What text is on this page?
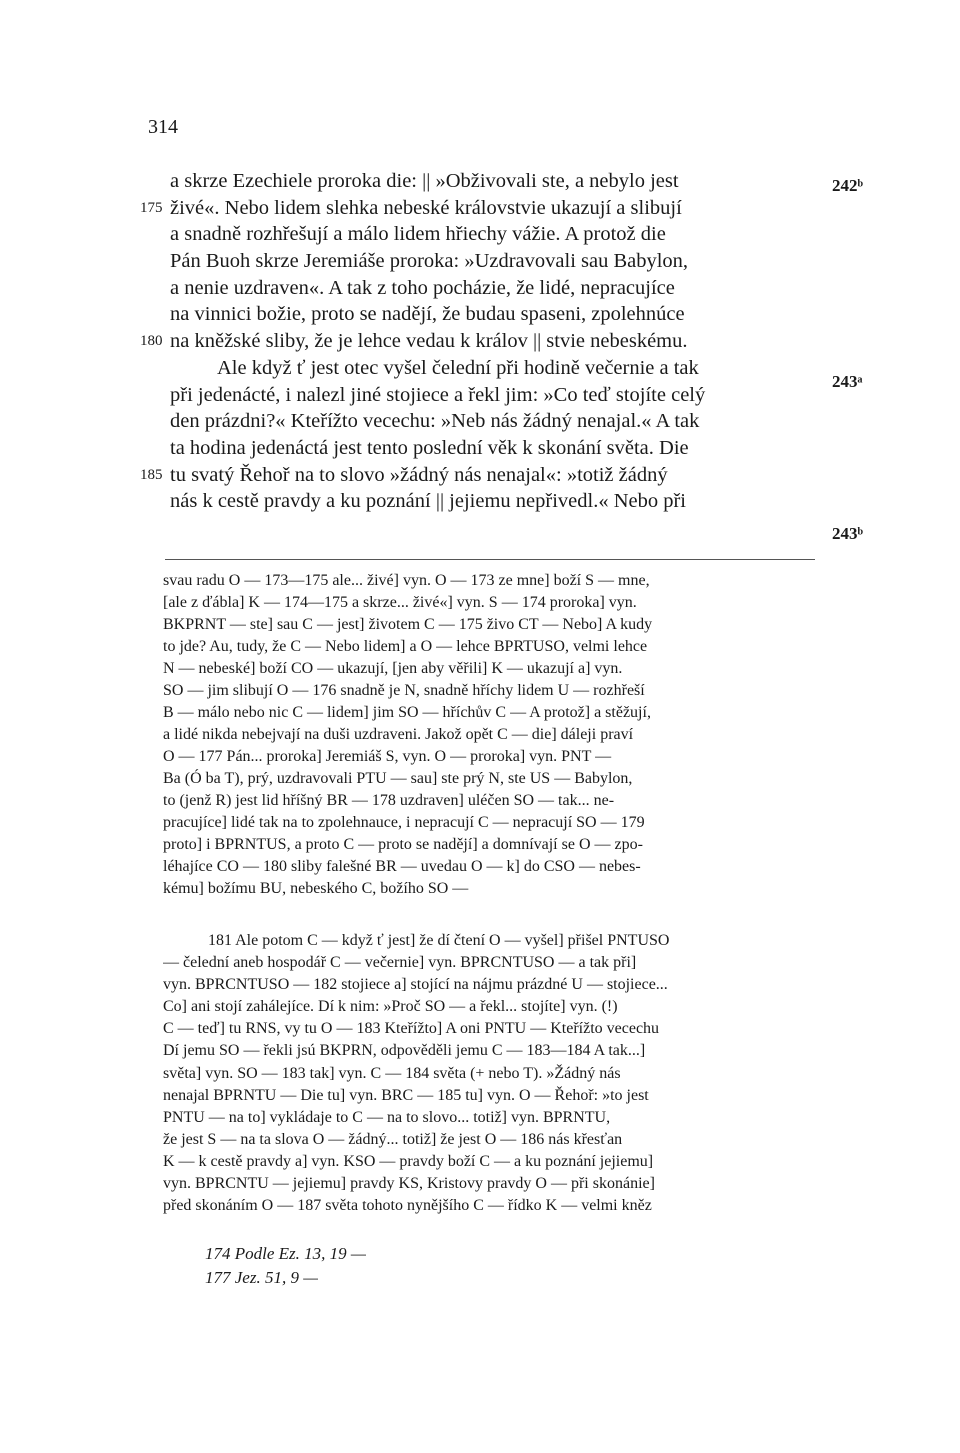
314
a skrze Ezechiele proroka die: || »Obživovali ste, a nebylo jest
175 živé«. Nebo lidem slehka nebeské královstvie ukazují a slibují
a snadně rozhřešují a málo lidem hřiechy vážie. A protož die
Pán Buoh skrze Jeremiáše proroka: »Uzdravovali sau Babylon,
a nenie uzdraven«. A tak z toho pocházie, že lidé, nepracujíce
na vinnici božie, proto se nadějí, že budau spaseni, zpolehnúce
180 na kněžské sliby, že je lehce vedau k králov || stvie nebeskému.
Ale když ť jest otec vyšel čelední při hodině večernie a tak
při jedenácté, i nalezl jiné stojiece a řekl jim: »Co teď stojíte celý
den prázdni?« Kteřížto vecechu: »Neb nás žádný nenajal.« A tak
ta hodina jedenáctá jest tento poslední věk k skonání světa. Die
185 tu svatý Řehoř na to slovo »žádný nás nenajal«: »totiž žádný
nás k cestě pravdy a ku poznání || jejiemu nepřivedl.« Nebo při
242ᵇ
243ᵃ
243ᵇ
svau radu O — 173—175 ale... živé] vyn. O — 173 ze mne] boží S — mne,
[ale z ďábla] K — 174—175 a skrze... živé«] vyn. S — 174 proroka] vyn.
BKPRNT — ste] sau C — jest] životem C — 175 živo CT — Nebo] A kudy
to jde? Au, tudy, že C — Nebo lidem] a O — lehce BPRTUSO, velmi lehce
N — nebeské] boží CO — ukazují, [jen aby věřili] K — ukazují a] vyn.
SO — jim slibují O — 176 snadně je N, snadně hříchy lidem U — rozhřeší
B — málo nebo nic C — lidem] jim SO — hříchův C — A protož] a stěžují,
a lidé nikda nebejvají na duši uzdraveni. Jakož opět C — die] dáleji praví
O — 177 Pán... proroka] Jeremiáš S, vyn. O — proroka] vyn. PNT —
Ba (Ó ba T), prý, uzdravovali PTU — sau] ste prý N, ste US — Babylon,
to (jenž R) jest lid hříšný BR — 178 uzdraven] uléčen SO — tak... ne-
pracujíce] lidé tak na to zpolehnauce, i nepracují C — nepracují SO — 179
proto] i BPRNTUS, a proto C — proto se nadějí] a domnívají se O — zpo-
léhajíce CO — 180 sliby falešné BR — uvedau O — k] do CSO — nebes-
kému] božímu BU, nebeského C, božího SO —
181 Ale potom C — když ť jest] že dí čtení O — vyšel] přišel PNTUSO
— čelední aneb hospodář C — večernie] vyn. BPRCNTUSO — a tak při]
vyn. BPRCNTUSO — 182 stojiece a] stojící na nájmu prázdné U — stojiece...
Co] ani stojí zahálejíce. Dí k nim: »Proč SO — a řekl... stojíte] vyn. (!)
C — teď] tu RNS, vy tu O — 183 Kteřížto] A oni PNTU — Kteřížto vecechu
Dí jemu SO — řekli jsú BKPRN, odpověděli jemu C — 183—184 A tak...]
světa] vyn. SO — 183 tak] vyn. C — 184 světa (+ nebo T). »Žádný nás
nenajal BPRNTU — Die tu] vyn. BRC — 185 tu] vyn. O — Řehoř: »to jest
PNTU — na to] vykládaje to C — na to slovo... totiž] vyn. BPRNTU,
že jest S — na ta slova O — žádný... totiž] že jest O — 186 nás křesťan
K — k cestě pravdy a] vyn. KSO — pravdy boží C — a ku poznání jejiemu]
vyn. BPRCNTU — jejiemu] pravdy KS, Kristovy pravdy O — při skonánie]
před skonáním O — 187 světa tohoto nynějšího C — řídko K — velmi kněz
174 Podle Ez. 13, 19 —
177 Jez. 51, 9 —
